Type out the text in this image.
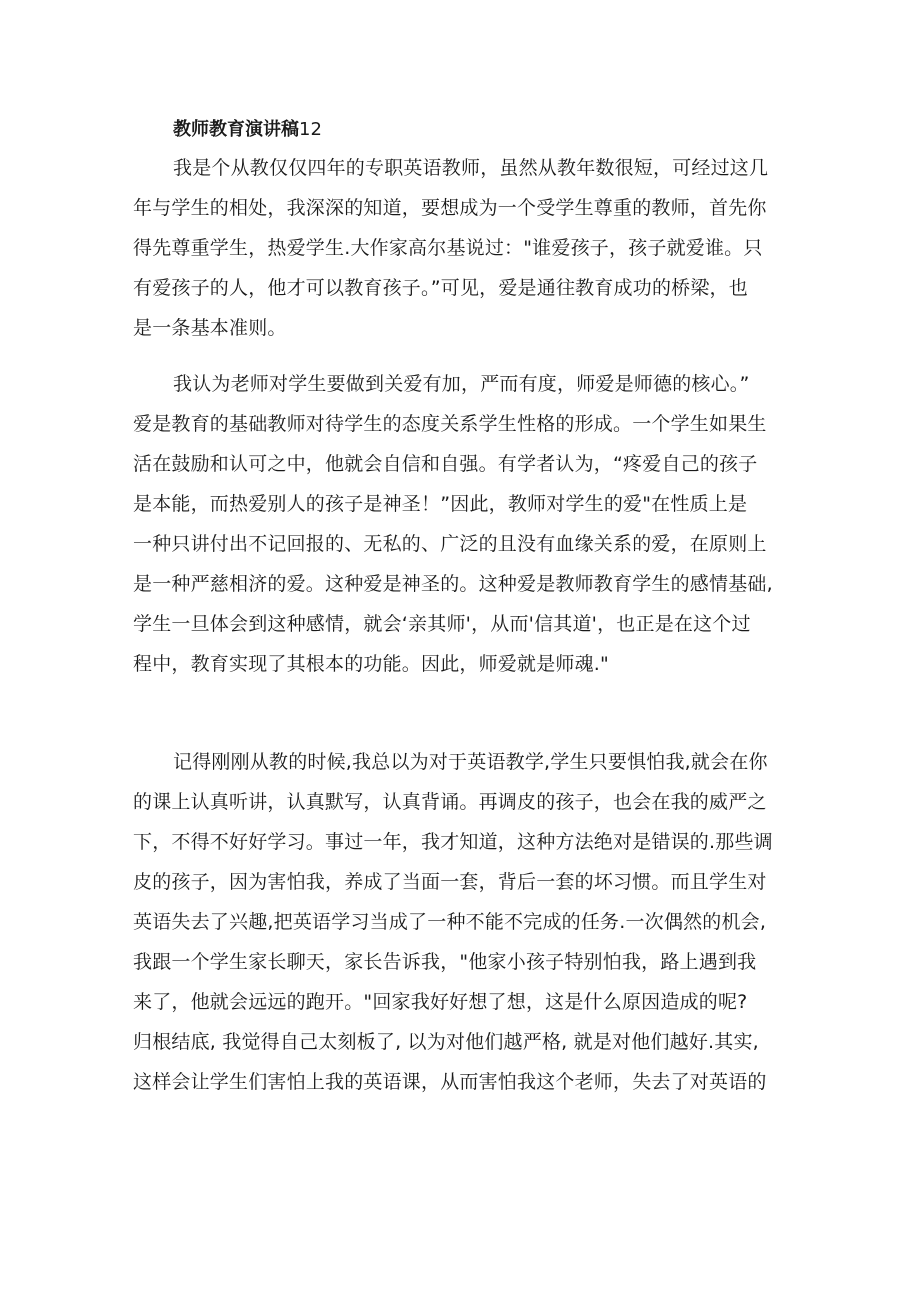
教师教育演讲稿12
我是个从教仅仅四年的专职英语教师，虽然从教年数很短，可经过这几
年与学生的相处，我深深的知道，要想成为一个受学生尊重的教师，首先你
得先尊重学生，热爱学生.大作家高尔基说过："谁爱孩子，孩子就爱谁。只
有爱孩子的人，他才可以教育孩子。”可见，爱是通往教育成功的桥梁，也
是一条基本准则。
我认为老师对学生要做到关爱有加，严而有度，师爱是师德的核心。”
爱是教育的基础教师对待学生的态度关系学生性格的形成。一个学生如果生
活在鼓励和认可之中，他就会自信和自强。有学者认为，“疼爱自己的孩子
是本能，而热爱别人的孩子是神圣！”因此，教师对学生的爱"在性质上是
一种只讲付出不记回报的、无私的、广泛的且没有血缘关系的爱，在原则上
是一种严慈相济的爱。这种爱是神圣的。这种爱是教师教育学生的感情基础,
学生一旦体会到这种感情，就会‘亲其师'，从而'信其道'，也正是在这个过
程中，教育实现了其根本的功能。因此，师爱就是师魂."
记得刚刚从教的时候,我总以为对于英语教学,学生只要惧怕我,就会在你
的课上认真听讲，认真默写，认真背诵。再调皮的孩子，也会在我的威严之
下，不得不好好学习。事过一年，我才知道，这种方法绝对是错误的.那些调
皮的孩子，因为害怕我，养成了当面一套，背后一套的坏习惯。而且学生对
英语失去了兴趣,把英语学习当成了一种不能不完成的任务.一次偶然的机会,
我跟一个学生家长聊天，家长告诉我，"他家小孩子特别怕我，路上遇到我
来了，他就会远远的跑开。"回家我好好想了想，这是什么原因造成的呢?
归根结底, 我觉得自己太刻板了, 以为对他们越严格, 就是对他们越好.其实,
这样会让学生们害怕上我的英语课，从而害怕我这个老师，失去了对英语的
